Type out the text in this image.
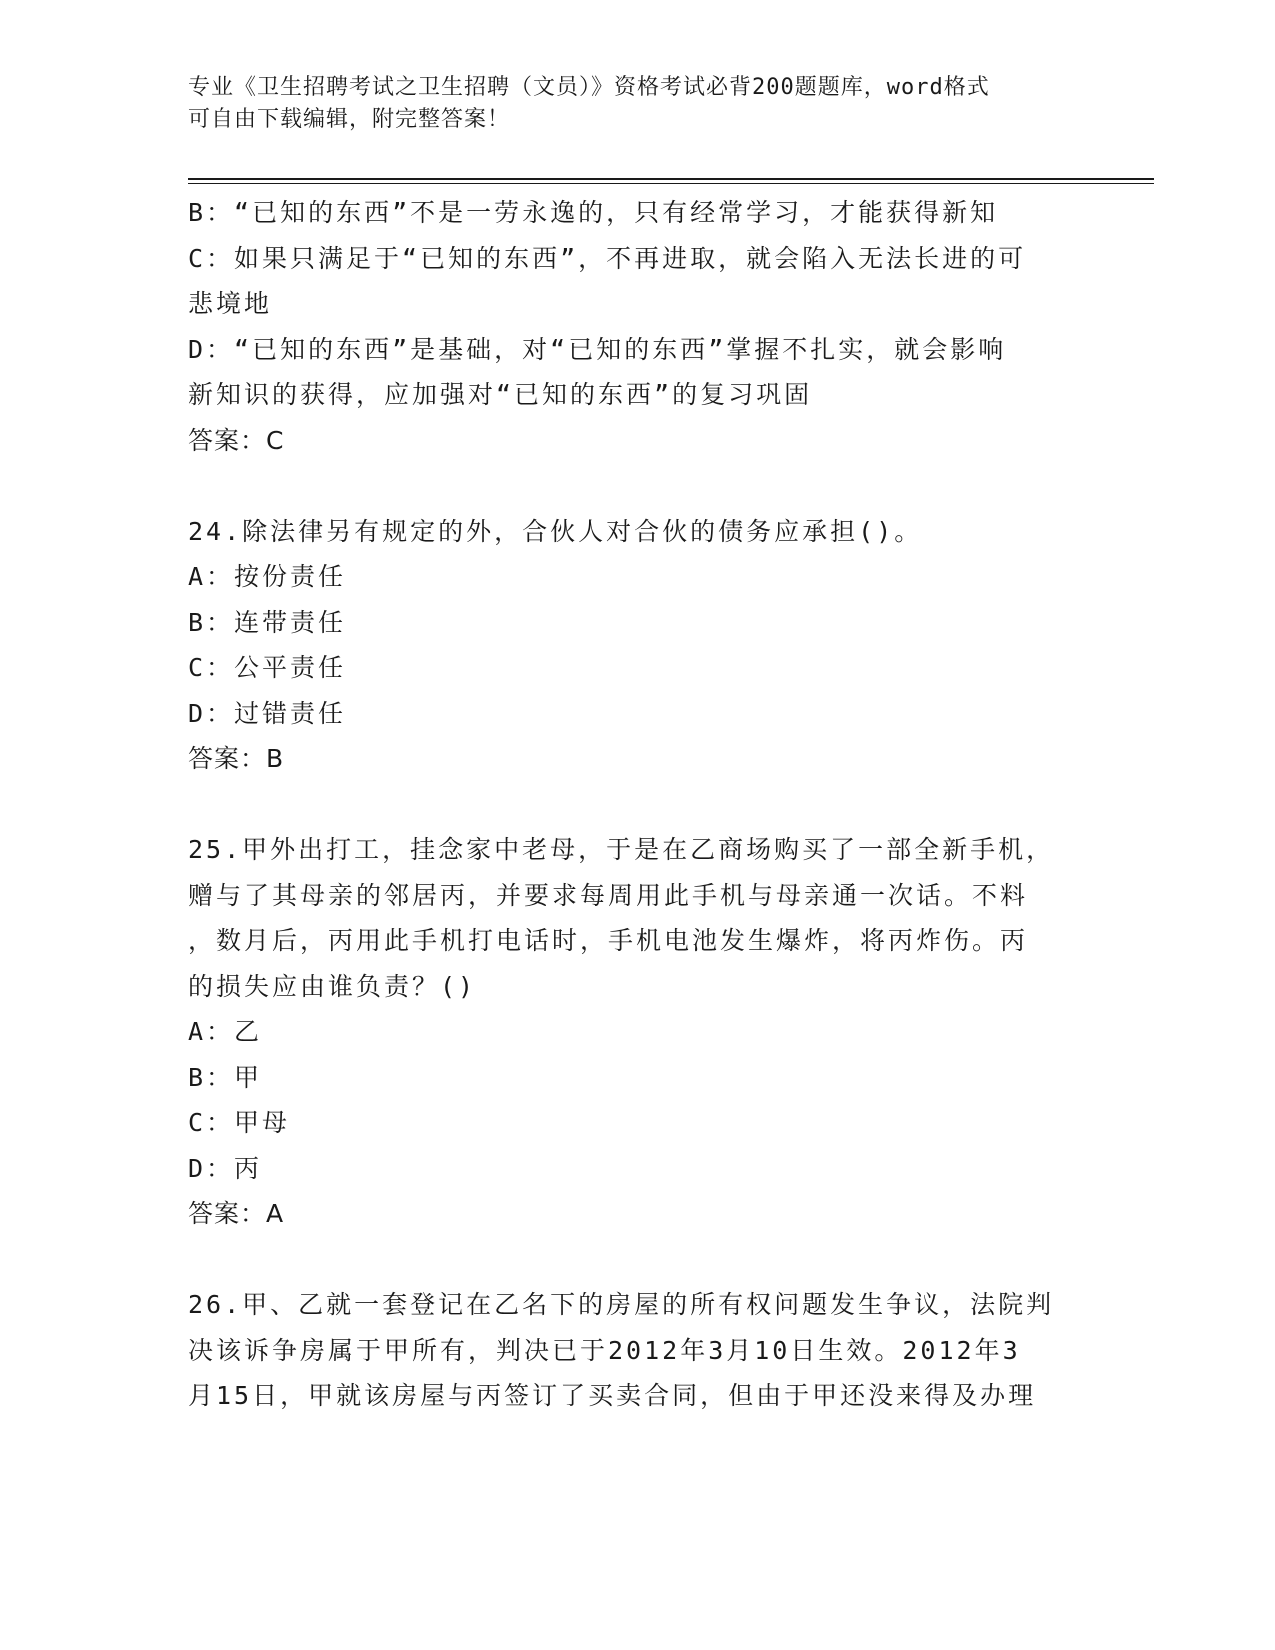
专业《卫生招聘考试之卫生招聘（文员）》资格考试必背200题题库，word格式
可自由下载编辑，附完整答案！
B：“已知的东西”不是一劳永逸的，只有经常学习，才能获得新知
C：如果只满足于“已知的东西”，不再进取，就会陷入无法长进的可
悲境地
D：“已知的东西”是基础，对“已知的东西”掌握不扎实，就会影响
新知识的获得，应加强对“已知的东西”的复习巩固
答案：C
24.除法律另有规定的外，合伙人对合伙的债务应承担()。
A：按份责任
B：连带责任
C：公平责任
D：过错责任
答案：B
25.甲外出打工，挂念家中老母，于是在乙商场购买了一部全新手机，
赠与了其母亲的邻居丙，并要求每周用此手机与母亲通一次话。不料
，数月后，丙用此手机打电话时，手机电池发生爆炸，将丙炸伤。丙
的损失应由谁负责？()
A：乙
B：甲
C：甲母
D：丙
答案：A
26.甲、乙就一套登记在乙名下的房屋的所有权问题发生争议，法院判
决该诉争房属于甲所有，判决已于2012年3月10日生效。2012年3
月15日，甲就该房屋与丙签订了买卖合同，但由于甲还没来得及办理
